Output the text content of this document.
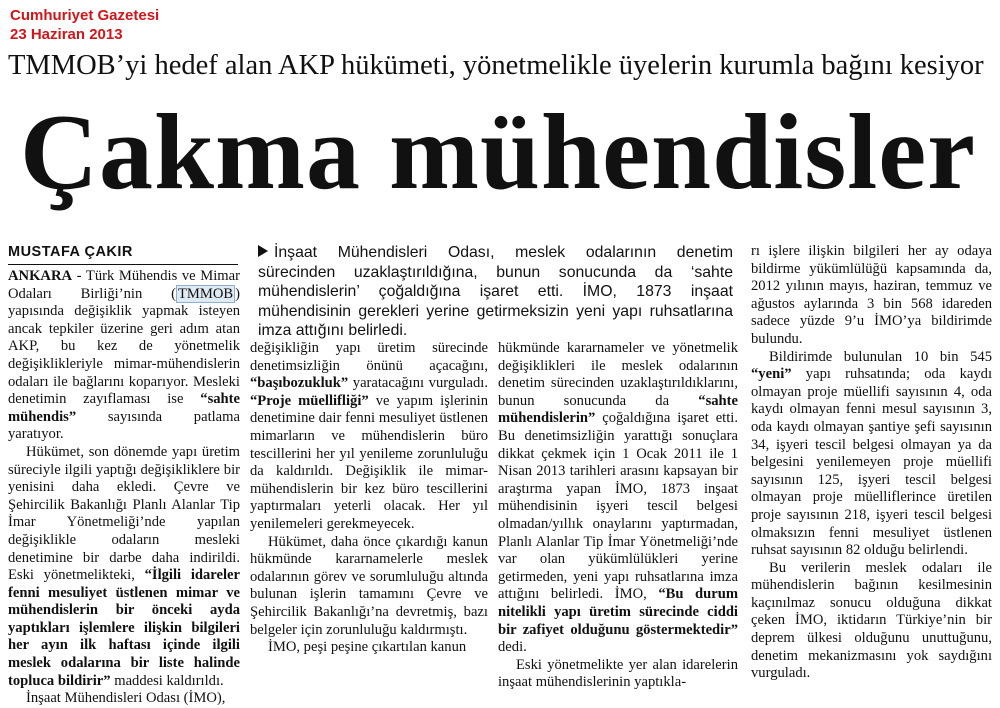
Cumhuriyet Gazetesi
23 Haziran 2013
TMMOB’yi hedef alan AKP hükümeti, yönetmelikle üyelerin kurumla bağını kesiyor
Çakma mühendisler
MUSTAFA ÇAKIR	İnşaat Mühendisleri Odası, meslek odalarının denetim sürecinden uzaklaştırıldığına, bunun sonucunda da ‘sahte mühendislerin’ çoğaldığına işaret etti. İMO, 1873 inşaat mühendisinin gerekleri yerine getirmeksizin yeni yapı ruhsatlarına imza attığını belirledi.

ANKARA - Türk Mühendis ve Mimar Odaları Birliği’nin ( TMMOB ) yapısında değişiklik yapmak isteyen ancak tepkiler üzerine geri adım atan AKP, bu kez de yönetmelik değişiklikleriyle mimar-mühendislerin odaları ile bağlarını koparıyor. Mesleki denetimin zayıflaması ise “sahte mühendis” sayısında patlama yaratıyor.

Hükümet, son dönemde yapı üretim süreciyle ilgili yaptığı değişikliklere bir yenisini daha ekledi. Çevre ve Şehircilik Bakanlığı Planlı Alanlar Tip İmar Yönetmeliği’nde yapılan değişiklikle odaların mesleki denetimine bir darbe daha indirildi. Eski yönetmelikteki, “İlgili idareler fenni mesuliyet üstlenen mimar ve mühendislerin bir önceki ayda yaptıkları işlemlere ilişkin bilgileri her ayın ilk haftası içinde ilgili meslek odalarına bir liste halinde topluca bildirir” maddesi kaldırıldı.

İnşaat Mühendisleri Odası (İMO),

değişikliğin yapı üretim sürecinde denetimsizliğin önünü açacağını, “başıbozukluk” yaratacağını vurguladı. “Proje müellifliği” ve yapım işlerinin denetimine dair fenni mesuliyet üstlenen mimarların ve mühendislerin büro tescillerini her yıl yenileme zorunluluğu da kaldırıldı. Değişiklik ile mimar-mühendislerin bir kez büro tescillerini yaptırmaları yeterli olacak. Her yıl yenilemeleri gerekmeyecek.

Hükümet, daha önce çıkardığı kanun hükmünde kararnamelerle meslek odalarının görev ve sorumluluğu altında bulunan işlerin tamamını Çevre ve Şehircilik Bakanlığı’na devretmiş, bazı belgeler için zorunluluğu kaldırmıştı.

İMO, peşi peşine çıkartılan kanun

hükmünde kararnameler ve yönetmelik değişiklikleri ile meslek odalarının denetim sürecinden uzaklaştırıldıklarını, bunun sonucunda da “sahte mühendislerin” çoğaldığına işaret etti. Bu denetimsizliğin yarattığı sonuçlara dikkat çekmek için 1 Ocak 2011 ile 1 Nisan 2013 tarihleri arasını kapsayan bir araştırma yapan İMO, 1873 inşaat mühendisinin işyeri tescil belgesi olmadan/yıllık onaylarını yaptırmadan, Planlı Alanlar Tip İmar Yönetmeliği’nde var olan yükümlülükleri yerine getirmeden, yeni yapı ruhsatlarına imza attığını belirledi. İMO, “Bu durum nitelikli yapı üretim sürecinde ciddi bir zafiyet olduğunu göstermektedir” dedi.

Eski yönetmelikte yer alan idarelerin inşaat mühendislerinin yaptıkla-

rı işlere ilişkin bilgileri her ay odaya bildirme yükümlülüğü kapsamında da, 2012 yılının mayıs, haziran, temmuz ve ağustos aylarında 3 bin 568 idareden sadece yüzde 9’u İMO’ya bildirimde bulundu.

Bildirimde bulunulan 10 bin 545 “yeni” yapı ruhsatında; oda kaydı olmayan proje müellifi sayısının 4, oda kaydı olmayan fenni mesul sayısının 3, oda kaydı olmayan şantiye şefi sayısının 34, işyeri tescil belgesi olmayan ya da belgesini yenilemeyen proje müellifi sayısının 125, işyeri tescil belgesi olmayan proje müelliflerince üretilen proje sayısının 218, işyeri tescil belgesi olmaksızın fenni mesuliyet üstlenen ruhsat sayısının 82 olduğu belirlendi.

Bu verilerin meslek odaları ile mühendislerin bağının kesilmesinin kaçınılmaz sonucu olduğuna dikkat çeken İMO, iktidarın Türkiye’nin bir deprem ülkesi olduğunu unuttuğunu, denetim mekanizmasını yok saydığını vurguladı.
